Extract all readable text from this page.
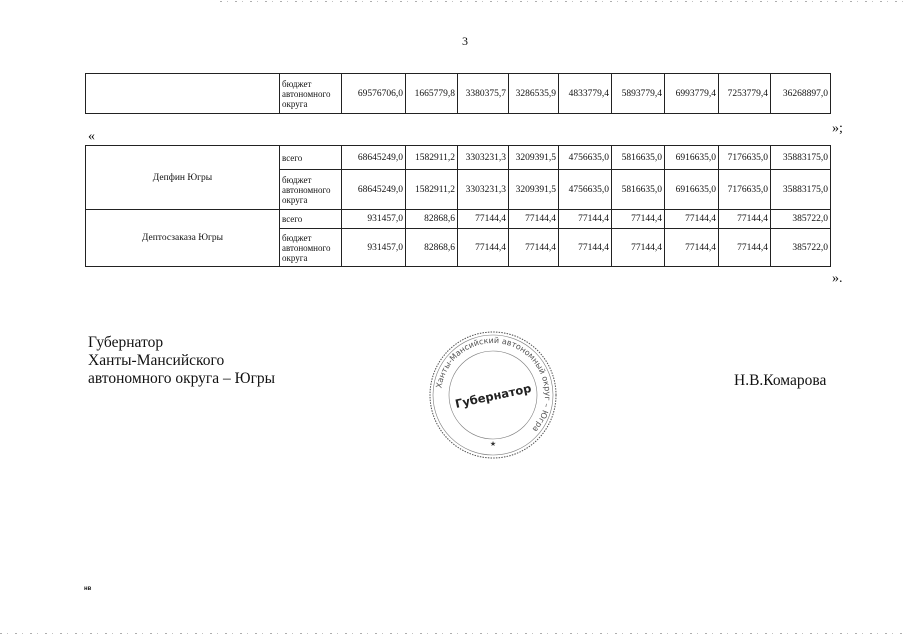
3
	бюджет автономного округа	69576706,0	1665779,8	3380375,7	3286535,9	4833779,4	5893779,4	6993779,4	7253779,4	36268897,0
»;
«
Депфин Югры	всего	68645249,0	1582911,2	3303231,3	3209391,5	4756635,0	5816635,0	6916635,0	7176635,0	35883175,0
	бюджет автономного округа	68645249,0	1582911,2	3303231,3	3209391,5	4756635,0	5816635,0	6916635,0	7176635,0	35883175,0
Дептосзаказа Югры	всего	931457,0	82868,6	77144,4	77144,4	77144,4	77144,4	77144,4	77144,4	385722,0
	бюджет автономного округа	931457,0	82868,6	77144,4	77144,4	77144,4	77144,4	77144,4	77144,4	385722,0
».
Губернатор
Ханты-Мансийского
автономного округа – Югры	Ханты-Мансийский автономный округ – Югра
Губернатор
★
Н.В.Комарова
нв
